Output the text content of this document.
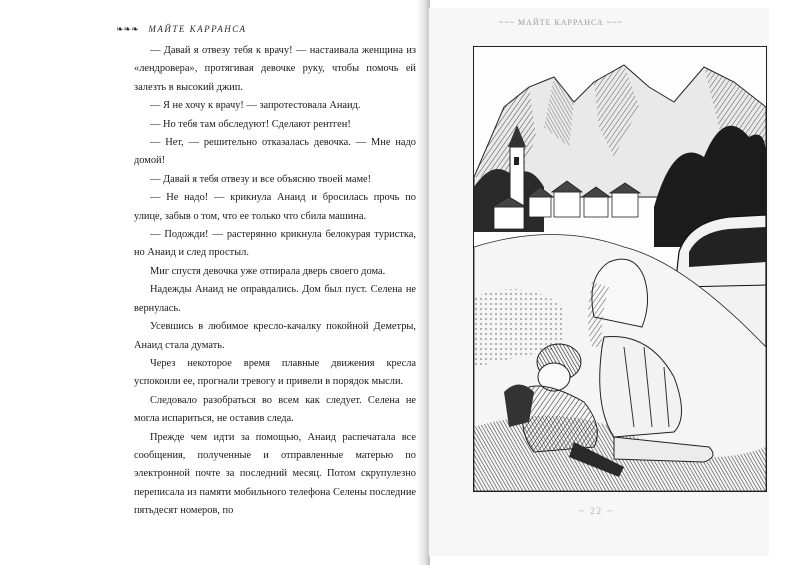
❧❧❧ МАЙТЕ КАРРАНСА

— Давай я отвезу тебя к врачу! — настаивала женщина из «лендровера», протягивая девочке руку, чтобы помочь ей залезть в высокий джип.

— Я не хочу к врачу! — запротестовала Анаид.

— Но тебя там обследуют! Сделают рентген!

— Нет, — решительно отказалась девочка. — Мне надо домой!

— Давай я тебя отвезу и все объясню твоей маме!

— Не надо! — крикнула Анаид и бросилась прочь по улице, забыв о том, что ее только что сбила машина.

— Подожди! — растерянно крикнула белокурая туристка, но Анаид и след простыл.

Миг спустя девочка уже отпирала дверь своего дома.

Надежды Анаид не оправдались. Дом был пуст. Селена не вернулась.

Усевшись в любимое кресло-качалку покойной Деметры, Анаид стала думать.

Через некоторое время плавные движения кресла успокоили ее, прогнали тревогу и привели в порядок мысли.

Следовало разобраться во всем как следует. Селена не могла испариться, не оставив следа.

Прежде чем идти за помощью, Анаид распечатала все сообщения, полученные и отправленные матерью по электронной почте за последний месяц. Потом скрупулезно переписала из памяти мобильного телефона Селены последние пятьдесят номеров, по

~~~ МАЙТЕ КАРРАНСА ~~~
~ 22 ~
